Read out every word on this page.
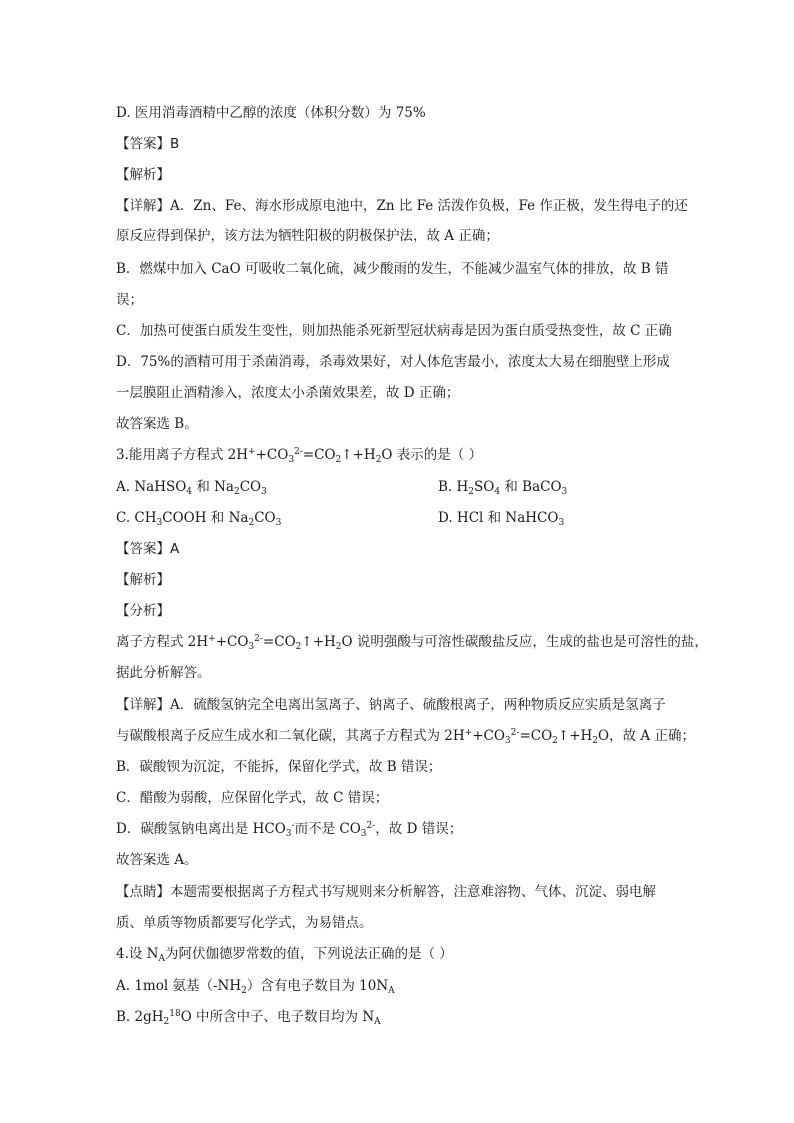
D. 医用消毒酒精中乙醇的浓度（体积分数）为 75%
【答案】B
【解析】
【详解】A．Zn、Fe、海水形成原电池中，Zn 比 Fe 活泼作负极，Fe 作正极，发生得电子的还
原反应得到保护，该方法为牺牲阳极的阴极保护法，故 A 正确；
B．燃煤中加入 CaO 可吸收二氧化硫，减少酸雨的发生，不能减少温室气体的排放，故 B 错
误；
C．加热可使蛋白质发生变性，则加热能杀死新型冠状病毒是因为蛋白质受热变性，故 C 正确
D．75%的酒精可用于杀菌消毒，杀毒效果好，对人体危害最小，浓度太大易在细胞壁上形成
一层膜阻止酒精渗入，浓度太小杀菌效果差，故 D 正确；
故答案选 B。
3.能用离子方程式 $2H^++CO_3^{2-}=CO_2↑+H_2O$ 表示的是（ ）
A. NaHSO$_4$ 和 $Na_2CO_3$	B. $H_2SO_4$ 和 BaCO$_3$
C. $CH_3COOH$ 和 $Na_2CO_3$	D. HCl 和 NaHCO$_3$
【答案】A
【解析】
【分析】
离子方程式 $2H^++CO_3^{2-}=CO_2↑+H_2O$ 说明强酸与可溶性碳酸盐反应，生成的盐也是可溶性的盐，
据此分析解答。
【详解】A．硫酸氢钠完全电离出氢离子、钠离子、硫酸根离子，两种物质反应实质是氢离子
与碳酸根离子反应生成水和二氧化碳，其离子方程式为 $2H^++CO_3^{2-}=CO_2↑+H_2O$，故 A 正确；
B．碳酸钡为沉淀，不能拆，保留化学式，故 B 错误；
C．醋酸为弱酸，应保留化学式，故 C 错误；
D．碳酸氢钠电离出是 $HCO_3^-$而不是 $CO_3^{2-}$，故 D 错误；
故答案选 A。
【点睛】本题需要根据离子方程式书写规则来分析解答，注意难溶物、气体、沉淀、弱电解
质、单质等物质都要写化学式，为易错点。
4.设 $N_A$为阿伏伽德罗常数的值，下列说法正确的是（ ）
A. 1mol 氨基$(-NH_2)$含有电子数目为 $10N_A$
B. $2gH_2^{18}O$ 中所含中子、电子数目均为 $N_A$
